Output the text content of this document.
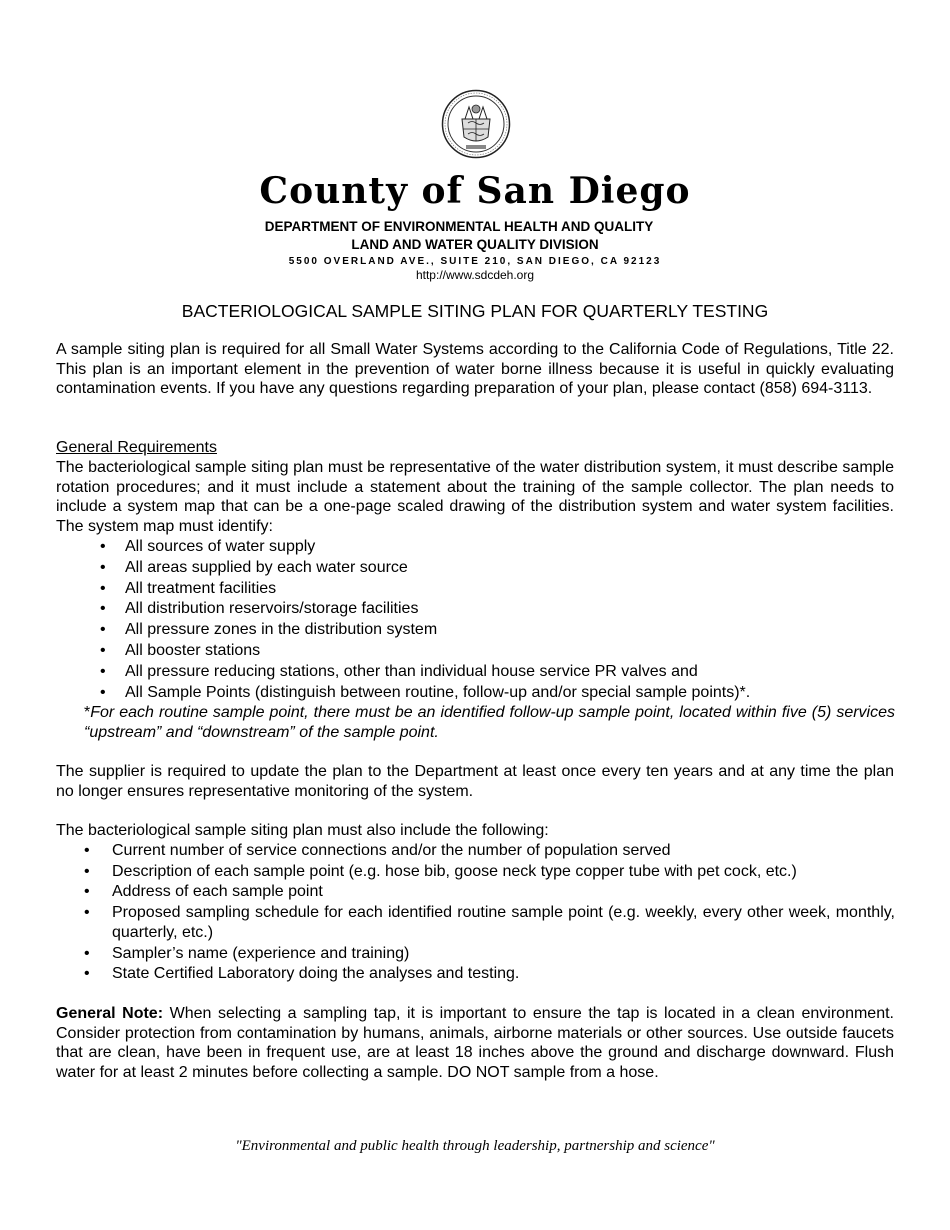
County of San Diego
DEPARTMENT OF ENVIRONMENTAL HEALTH AND QUALITY
LAND AND WATER QUALITY DIVISION
5500 OVERLAND AVE., SUITE 210, SAN DIEGO, CA 92123
http://www.sdcdeh.org
BACTERIOLOGICAL SAMPLE SITING PLAN FOR QUARTERLY TESTING

A sample siting plan is required for all Small Water Systems according to the California Code of Regulations, Title 22. This plan is an important element in the prevention of water borne illness because it is useful in quickly evaluating contamination events. If you have any questions regarding preparation of your plan, please contact (858) 694-3113.

General Requirements

The bacteriological sample siting plan must be representative of the water distribution system, it must describe sample rotation procedures; and it must include a statement about the training of the sample collector. The plan needs to include a system map that can be a one-page scaled drawing of the distribution system and water system facilities. The system map must identify:

• All sources of water supply
• All areas supplied by each water source
• All treatment facilities
• All distribution reservoirs/storage facilities
• All pressure zones in the distribution system
• All booster stations
• All pressure reducing stations, other than individual house service PR valves and
• All Sample Points (distinguish between routine, follow-up and/or special sample points)*.
*For each routine sample point, there must be an identified follow-up sample point, located within five (5) services “upstream” and “downstream” of the sample point.

The supplier is required to update the plan to the Department at least once every ten years and at any time the plan no longer ensures representative monitoring of the system.

The bacteriological sample siting plan must also include the following:

• Current number of service connections and/or the number of population served
• Description of each sample point (e.g. hose bib, goose neck type copper tube with pet cock, etc.)
• Address of each sample point
• Proposed sampling schedule for each identified routine sample point (e.g. weekly, every other week, monthly, quarterly, etc.)
• Sampler’s name (experience and training)
• State Certified Laboratory doing the analyses and testing.

General Note: When selecting a sampling tap, it is important to ensure the tap is located in a clean environment. Consider protection from contamination by humans, animals, airborne materials or other sources. Use outside faucets that are clean, have been in frequent use, are at least 18 inches above the ground and discharge downward. Flush water for at least 2 minutes before collecting a sample. DO NOT sample from a hose.

"Environmental and public health through leadership, partnership and science"
